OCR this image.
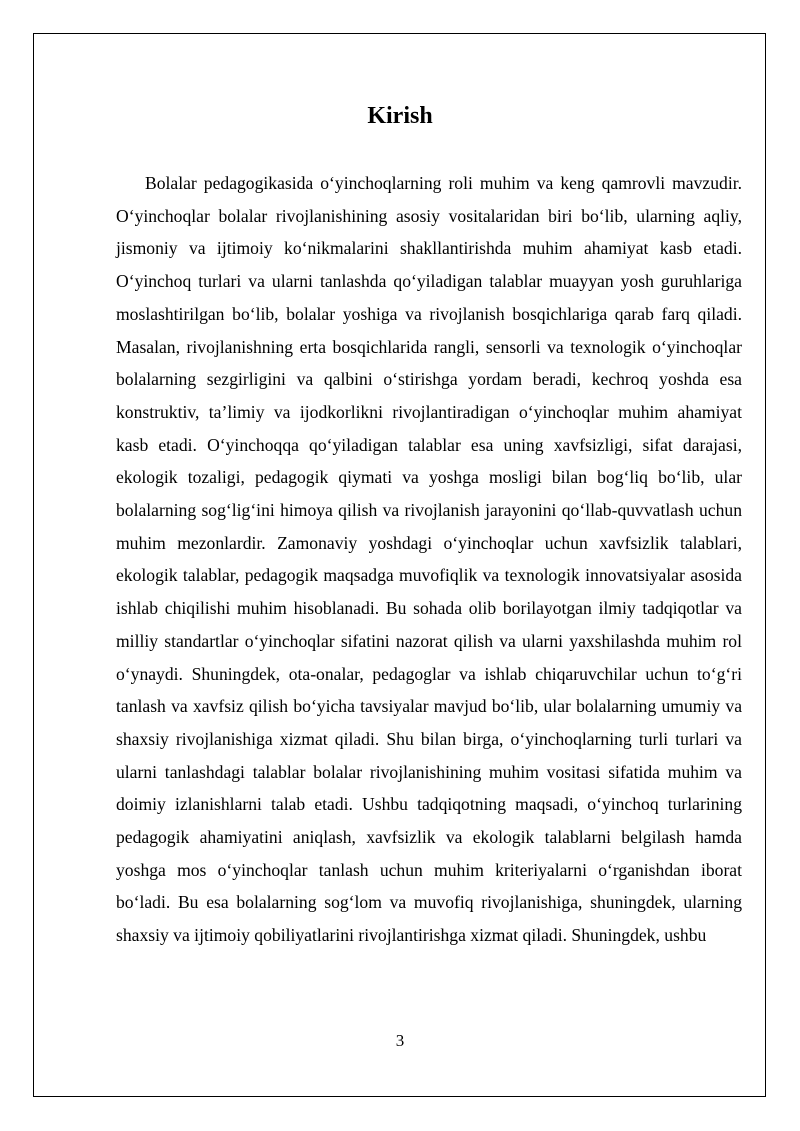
Kirish

Bolalar pedagogikasida o‘yinchoqlarning roli muhim va keng qamrovli mavzudir. O‘yinchoqlar bolalar rivojlanishining asosiy vositalaridan biri bo‘lib, ularning aqliy, jismoniy va ijtimoiy ko‘nikmalarini shakllantirishda muhim ahamiyat kasb etadi. O‘yinchoq turlari va ularni tanlashda qo‘yiladigan talablar muayyan yosh guruhlariga moslashtirilgan bo‘lib, bolalar yoshiga va rivojlanish bosqichlariga qarab farq qiladi. Masalan, rivojlanishning erta bosqichlarida rangli, sensorli va texnologik o‘yinchoqlar bolalarning sezgirligini va qalbini o‘stirishga yordam beradi, kechroq yoshda esa konstruktiv, ta’limiy va ijodkorlikni rivojlantiradigan o‘yinchoqlar muhim ahamiyat kasb etadi. O‘yinchoqqa qo‘yiladigan talablar esa uning xavfsizligi, sifat darajasi, ekologik tozaligi, pedagogik qiymati va yoshga mosligi bilan bog‘liq bo‘lib, ular bolalarning sog‘lig‘ini himoya qilish va rivojlanish jarayonini qo‘llab-quvvatlash uchun muhim mezonlardir. Zamonaviy yoshdagi o‘yinchoqlar uchun xavfsizlik talablari, ekologik talablar, pedagogik maqsadga muvofiqlik va texnologik innovatsiyalar asosida ishlab chiqilishi muhim hisoblanadi. Bu sohada olib borilayotgan ilmiy tadqiqotlar va milliy standartlar o‘yinchoqlar sifatini nazorat qilish va ularni yaxshilashda muhim rol o‘ynaydi. Shuningdek, ota-onalar, pedagoglar va ishlab chiqaruvchilar uchun to‘g‘ri tanlash va xavfsiz qilish bo‘yicha tavsiyalar mavjud bo‘lib, ular bolalarning umumiy va shaxsiy rivojlanishiga xizmat qiladi. Shu bilan birga, o‘yinchoqlarning turli turlari va ularni tanlashdagi talablar bolalar rivojlanishining muhim vositasi sifatida muhim va doimiy izlanishlarni talab etadi. Ushbu tadqiqotning maqsadi, o‘yinchoq turlarining pedagogik ahamiyatini aniqlash, xavfsizlik va ekologik talablarni belgilash hamda yoshga mos o‘yinchoqlar tanlash uchun muhim kriteriyalarni o‘rganishdan iborat bo‘ladi. Bu esa bolalarning sog‘lom va muvofiq rivojlanishiga, shuningdek, ularning shaxsiy va ijtimoiy qobiliyatlarini rivojlantirishga xizmat qiladi. Shuningdek, ushbu

3
